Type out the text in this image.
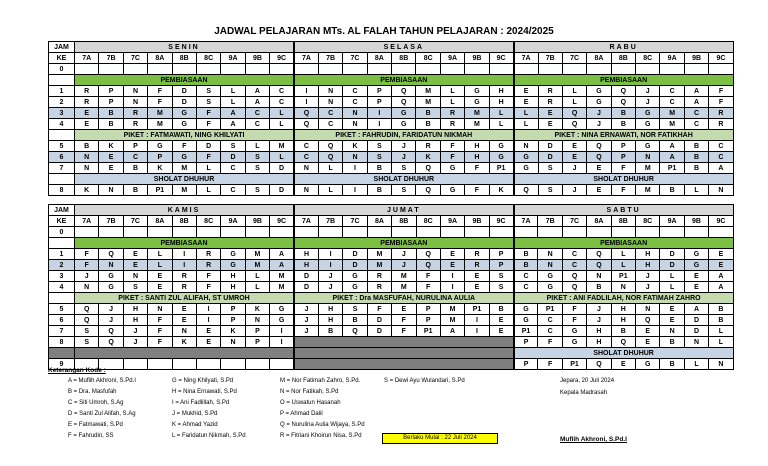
JADWAL PELAJARAN MTs. AL FALAH TAHUN PELAJARAN : 2024/2025
JAM	SENIN									SELASA									RABU								
KE	7A	7B	7C	8A	8B	8C	9A	9B	9C	7A	7B	7C	8A	8B	8C	9A	9B	9C	7A	7B	7C	8A	8B	8C	9A	9B	9C
0																											
	PEMBIASAAN									PEMBIASAAN									PEMBIASAAN								
1	R	P	N	F	D	S	L	A	C	I	N	C	P	Q	M	L	G	H	E	R	L	G	Q	J	C	A	F
2	R	P	N	F	D	S	L	A	C	I	N	C	P	Q	M	L	G	H	E	R	L	G	Q	J	C	A	F
3	E	B	R	M	G	F	A	C	L	Q	C	N	I	G	B	R	M	L	L	E	Q	J	B	G	M	C	R
4	E	B	R	M	G	F	A	C	L	Q	C	N	I	G	B	R	M	L	L	E	Q	J	B	G	M	C	R
	PIKET : FATMAWATI, NING KHILYATI									PIKET : FAHRUDIN, FARIDATUN NIKMAH									PIKET : NINA ERNAWATI, NOR FATIKHAH								
5	B	K	P	G	F	D	S	L	M	C	Q	K	S	J	R	F	H	G	N	D	E	Q	P	G	A	B	C
6	N	E	C	P	G	F	D	S	L	C	Q	N	S	J	K	F	H	G	G	D	E	Q	P	N	A	B	C
7	N	E	B	K	M	L	C	S	D	N	L	I	B	S	Q	G	F	P1	G	S	J	E	F	M	P1	B	A
	SHOLAT DHUHUR									SHOLAT DHUHUR									SHOLAT DHUHUR								
8	K	N	B	P1	M	L	C	S	D	N	L	I	B	S	Q	G	F	K	Q	S	J	E	F	M	B	L	N
JAM	KAMIS									JUMAT									SABTU								
KE	7A	7B	7C	8A	8B	8C	9A	9B	9C	7A	7B	7C	8A	8B	8C	9A	9B	9C	7A	7B	7C	8A	8B	8C	9A	9B	9C
0																											
	PEMBIASAAN									PEMBIASAAN									PEMBIASAAN								
1	F	Q	E	L	I	R	G	M	A	H	I	D	M	J	Q	E	R	P	B	N	C	Q	L	H	D	G	E
2	F	N	E	L	I	R	G	M	A	H	I	D	M	J	Q	E	R	P	B	N	C	Q	L	H	D	G	E
3	J	G	N	E	R	F	H	L	M	D	J	G	R	M	F	I	E	S	C	G	Q	N	P1	J	L	E	A
4	N	G	S	E	R	F	H	L	M	D	J	G	R	M	F	I	E	S	C	G	Q	B	N	J	L	E	A
	PIKET : SANTI ZUL ALIFAH, ST UMROH									PIKET : Dra MASFUFAH, NURULINA AULIA									PIKET : ANI FADLILAH, NOR FATIMAH ZAHRO								
5	Q	J	H	N	E	I	P	K	G	J	H	S	F	E	P	M	P1	B	G	P1	F	J	H	N	E	A	B
6	Q	J	H	F	E	I	P	N	G	J	H	B	D	F	P	M	I	E	G	C	F	J	H	Q	E	D	B
7	S	Q	J	F	N	E	K	P	I	J	B	Q	D	F	P1	A	I	E	P1	C	G	H	B	E	N	D	L
8	S	Q	J	F	K	E	N	P	I										P	F	G	H	Q	E	B	N	L
																			SHOLAT DHUHUR								
9																			P	F	P1	Q	E	G	B	L	N
Keterangan Kode :
A = Muflih Akhroni, S.Pd.I
B = Dra. Masfufah
C = Siti Umroh, S.Ag
D = Santi Zul Alifah, S.Ag
E = Fatmawati, S.Pd
F = Fahrudin, SS
G = Ning Khilyati, S.Pd
H = Nina Ernawati, S.Pd
I = Ani Fadlillah, S.Pd
J = Mukhid, S.Pd
K = Ahmad Yazid
L = Faridatun Nikmah, S.Pd
M = Nor Fatimah Zahro, S.Pd.
N = Nor Fatikah, S.Pd
O = Uswatun Hasanah
P = Ahmad Dalil
Q = Nurulina Aulia Wijaya, S.Pd
R = Fitriani Khoirun Nisa, S.Pd
S = Dewi Ayu Wulandari, S.Pd
Berlaku Mulai : 22 Juli 2024
Jepara, 20 Juli 2024
Kepala Madrasah
Muflih Akhroni, S.Pd.I
